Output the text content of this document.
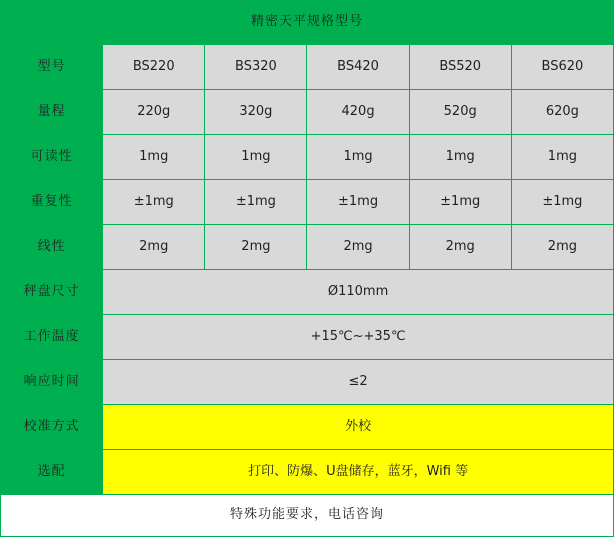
精密天平规格型号					
型号	BS220	BS320	BS420	BS520	BS620
量程	220g	320g	420g	520g	620g
可读性	1mg	1mg	1mg	1mg	1mg
重复性	±1mg	±1mg	±1mg	±1mg	±1mg
线性	2mg	2mg	2mg	2mg	2mg
秤盘尺寸	Ø110mm				
工作温度	+15℃~+35℃				
响应时间	≤2				
校准方式	外校				
选配	打印、防爆、U盘储存，蓝牙，Wifi 等				
特殊功能要求，电话咨询					
